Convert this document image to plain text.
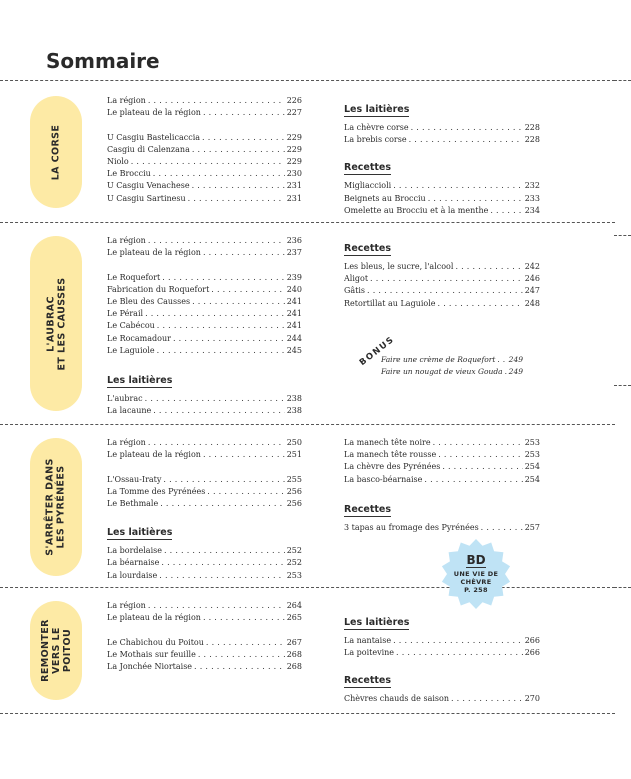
Sommaire
LA CORSE
La région . . .	226
Le plateau de la région . . .	227
U Casgiu Bastelicaccia . . .	229
Casgiu di Calenzana . . .	229
Niolo . . .	229
Le Brocciu . . .	230
U Casgiu Venachese . . .	231
U Casgiu Sartinesu . . .	231
Les laitières
La chèvre corse . . .	228
La brebis corse . . .	228
Recettes
Migliaccioli . . .	232
Beignets au Brocciu . . .	233
Omelette au Brocciu et à la menthe . . .	234
L'AUBRAC
ET LES CAUSSES
La région . . .	236
Le plateau de la région . . .	237
Le Roquefort . . .	239
Fabrication du Roquefort . . .	240
Le Bleu des Causses . . .	241
Le Pérail . . .	241
Le Cabécou . . .	241
Le Rocamadour . . .	244
Le Laguiole . . .	245
Les laitières
L'aubrac . . .	238
La lacaune . . .	238
Recettes
Les bleus, le sucre, l'alcool . . .	242
Aligot . . .	246
Gâtis . . .	247
Retortillat au Laguiole . . .	248
BONUS
Faire une crème de Roquefort . . . 249
Faire un nougat de vieux Gouda . . . 249
S'ARRÊTER DANS
LES PYRÉNÉES
La région . . .	250
Le plateau de la région . . .	251
L'Ossau-Iraty . . .	255
La Tomme des Pyrénées . . .	256
Le Bethmale . . .	256
Les laitières
La bordelaise . . .	252
La béarnaise . . .	252
La lourdaise . . .	253
La manech tête noire . . .	253
La manech tête rousse . . .	253
La chèvre des Pyrénées . . .	254
La basco-béarnaise . . .	254
Recettes
3 tapas au fromage des Pyrénées . . .	257
BD
UNE VIE DE
CHÈVRE
P. 258
REMONTER
VERS LE
POITOU
La région . . .	264
Le plateau de la région . . .	265
Le Chabichou du Poitou . . .	267
Le Mothais sur feuille . . .	268
La Jonchée Niortaise . . .	268
Les laitières
La nantaise . . .	266
La poitevine . . .	266
Recettes
Chèvres chauds de saison . . .	270
